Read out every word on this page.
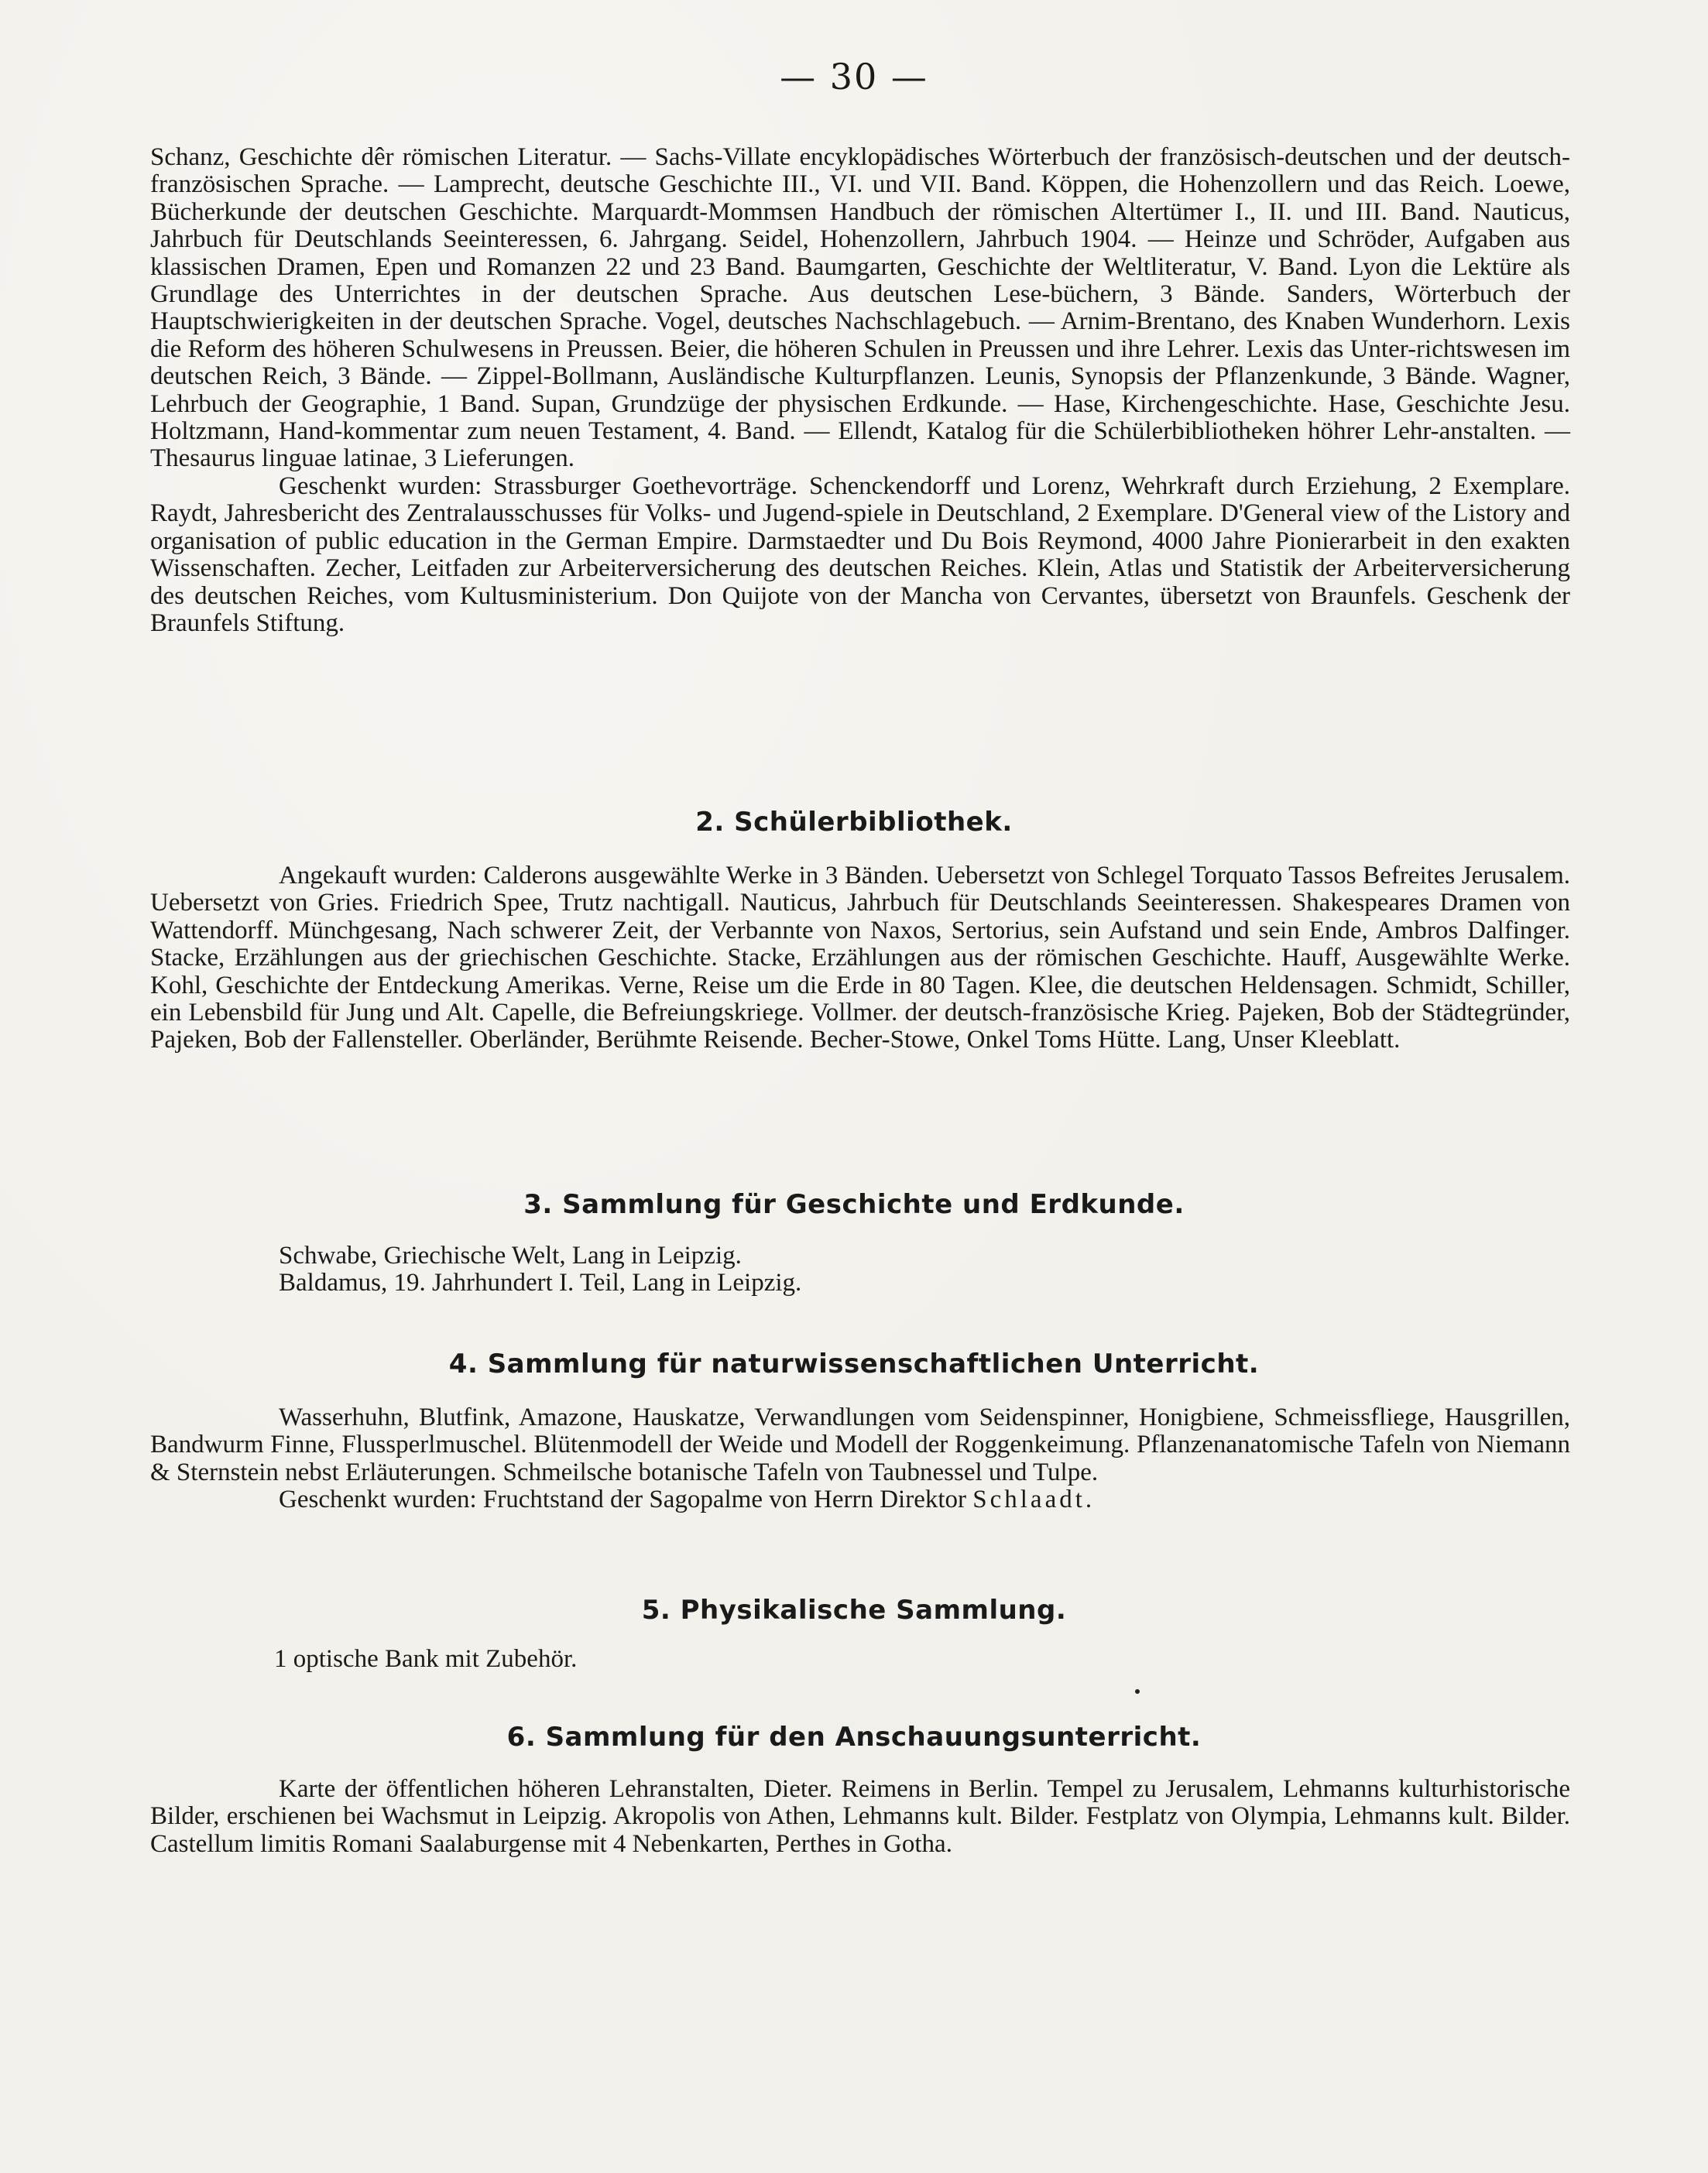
— 30 —

Schanz, Geschichte dêr römischen Literatur. — Sachs-Villate encyklopädisches Wörterbuch der französisch-deutschen und der deutsch-französischen Sprache. — Lamprecht, deutsche Geschichte III., VI. und VII. Band. Köppen, die Hohenzollern und das Reich. Loewe, Bücherkunde der deutschen Geschichte. Marquardt-Mommsen Handbuch der römischen Altertümer I., II. und III. Band. Nauticus, Jahrbuch für Deutschlands Seeinteressen, 6. Jahrgang. Seidel, Hohenzollern, Jahrbuch 1904. — Heinze und Schröder, Aufgaben aus klassischen Dramen, Epen und Romanzen 22 und 23 Band. Baumgarten, Geschichte der Weltliteratur, V. Band. Lyon die Lektüre als Grundlage des Unterrichtes in der deutschen Sprache. Aus deutschen Lese-büchern, 3 Bände. Sanders, Wörterbuch der Hauptschwierigkeiten in der deutschen Sprache. Vogel, deutsches Nachschlagebuch. — Arnim-Brentano, des Knaben Wunderhorn. Lexis die Reform des höheren Schulwesens in Preussen. Beier, die höheren Schulen in Preussen und ihre Lehrer. Lexis das Unter-richtswesen im deutschen Reich, 3 Bände. — Zippel-Bollmann, Ausländische Kulturpflanzen. Leunis, Synopsis der Pflanzenkunde, 3 Bände. Wagner, Lehrbuch der Geographie, 1 Band. Supan, Grundzüge der physischen Erdkunde. — Hase, Kirchengeschichte. Hase, Geschichte Jesu. Holtzmann, Hand-kommentar zum neuen Testament, 4. Band. — Ellendt, Katalog für die Schülerbibliotheken höhrer Lehr-anstalten. — Thesaurus linguae latinae, 3 Lieferungen.

Geschenkt wurden: Strassburger Goethevorträge. Schenckendorff und Lorenz, Wehrkraft durch Erziehung, 2 Exemplare. Raydt, Jahresbericht des Zentralausschusses für Volks- und Jugend-spiele in Deutschland, 2 Exemplare. D'General view of the Listory and organisation of public education in the German Empire. Darmstaedter und Du Bois Reymond, 4000 Jahre Pionierarbeit in den exakten Wissenschaften. Zecher, Leitfaden zur Arbeiterversicherung des deutschen Reiches. Klein, Atlas und Statistik der Arbeiterversicherung des deutschen Reiches, vom Kultusministerium. Don Quijote von der Mancha von Cervantes, übersetzt von Braunfels. Geschenk der Braunfels Stiftung.

2. Schülerbibliothek.

Angekauft wurden: Calderons ausgewählte Werke in 3 Bänden. Uebersetzt von Schlegel Torquato Tassos Befreites Jerusalem. Uebersetzt von Gries. Friedrich Spee, Trutz nachtigall. Nauticus, Jahrbuch für Deutschlands Seeinteressen. Shakespeares Dramen von Wattendorff. Münchgesang, Nach schwerer Zeit, der Verbannte von Naxos, Sertorius, sein Aufstand und sein Ende, Ambros Dalfinger. Stacke, Erzählungen aus der griechischen Geschichte. Stacke, Erzählungen aus der römischen Geschichte. Hauff, Ausgewählte Werke. Kohl, Geschichte der Entdeckung Amerikas. Verne, Reise um die Erde in 80 Tagen. Klee, die deutschen Heldensagen. Schmidt, Schiller, ein Lebensbild für Jung und Alt. Capelle, die Befreiungskriege. Vollmer. der deutsch-französische Krieg. Pajeken, Bob der Städtegründer, Pajeken, Bob der Fallensteller. Oberländer, Berühmte Reisende. Becher-Stowe, Onkel Toms Hütte. Lang, Unser Kleeblatt.

3. Sammlung für Geschichte und Erdkunde.
Schwabe, Griechische Welt, Lang in Leipzig.
Baldamus, 19. Jahrhundert I. Teil, Lang in Leipzig.
4. Sammlung für naturwissenschaftlichen Unterricht.

Wasserhuhn, Blutfink, Amazone, Hauskatze, Verwandlungen vom Seidenspinner, Honigbiene, Schmeissfliege, Hausgrillen, Bandwurm Finne, Flussperlmuschel. Blütenmodell der Weide und Modell der Roggenkeimung. Pflanzenanatomische Tafeln von Niemann & Sternstein nebst Erläuterungen. Schmeilsche botanische Tafeln von Taubnessel und Tulpe.

Geschenkt wurden: Fruchtstand der Sagopalme von Herrn Direktor Schlaadt.

5. Physikalische Sammlung.
1 optische Bank mit Zubehör.
6. Sammlung für den Anschauungsunterricht.

Karte der öffentlichen höheren Lehranstalten, Dieter. Reimens in Berlin. Tempel zu Jerusalem, Lehmanns kulturhistorische Bilder, erschienen bei Wachsmut in Leipzig. Akropolis von Athen, Lehmanns kult. Bilder. Festplatz von Olympia, Lehmanns kult. Bilder. Castellum limitis Romani Saalaburgense mit 4 Nebenkarten, Perthes in Gotha.
